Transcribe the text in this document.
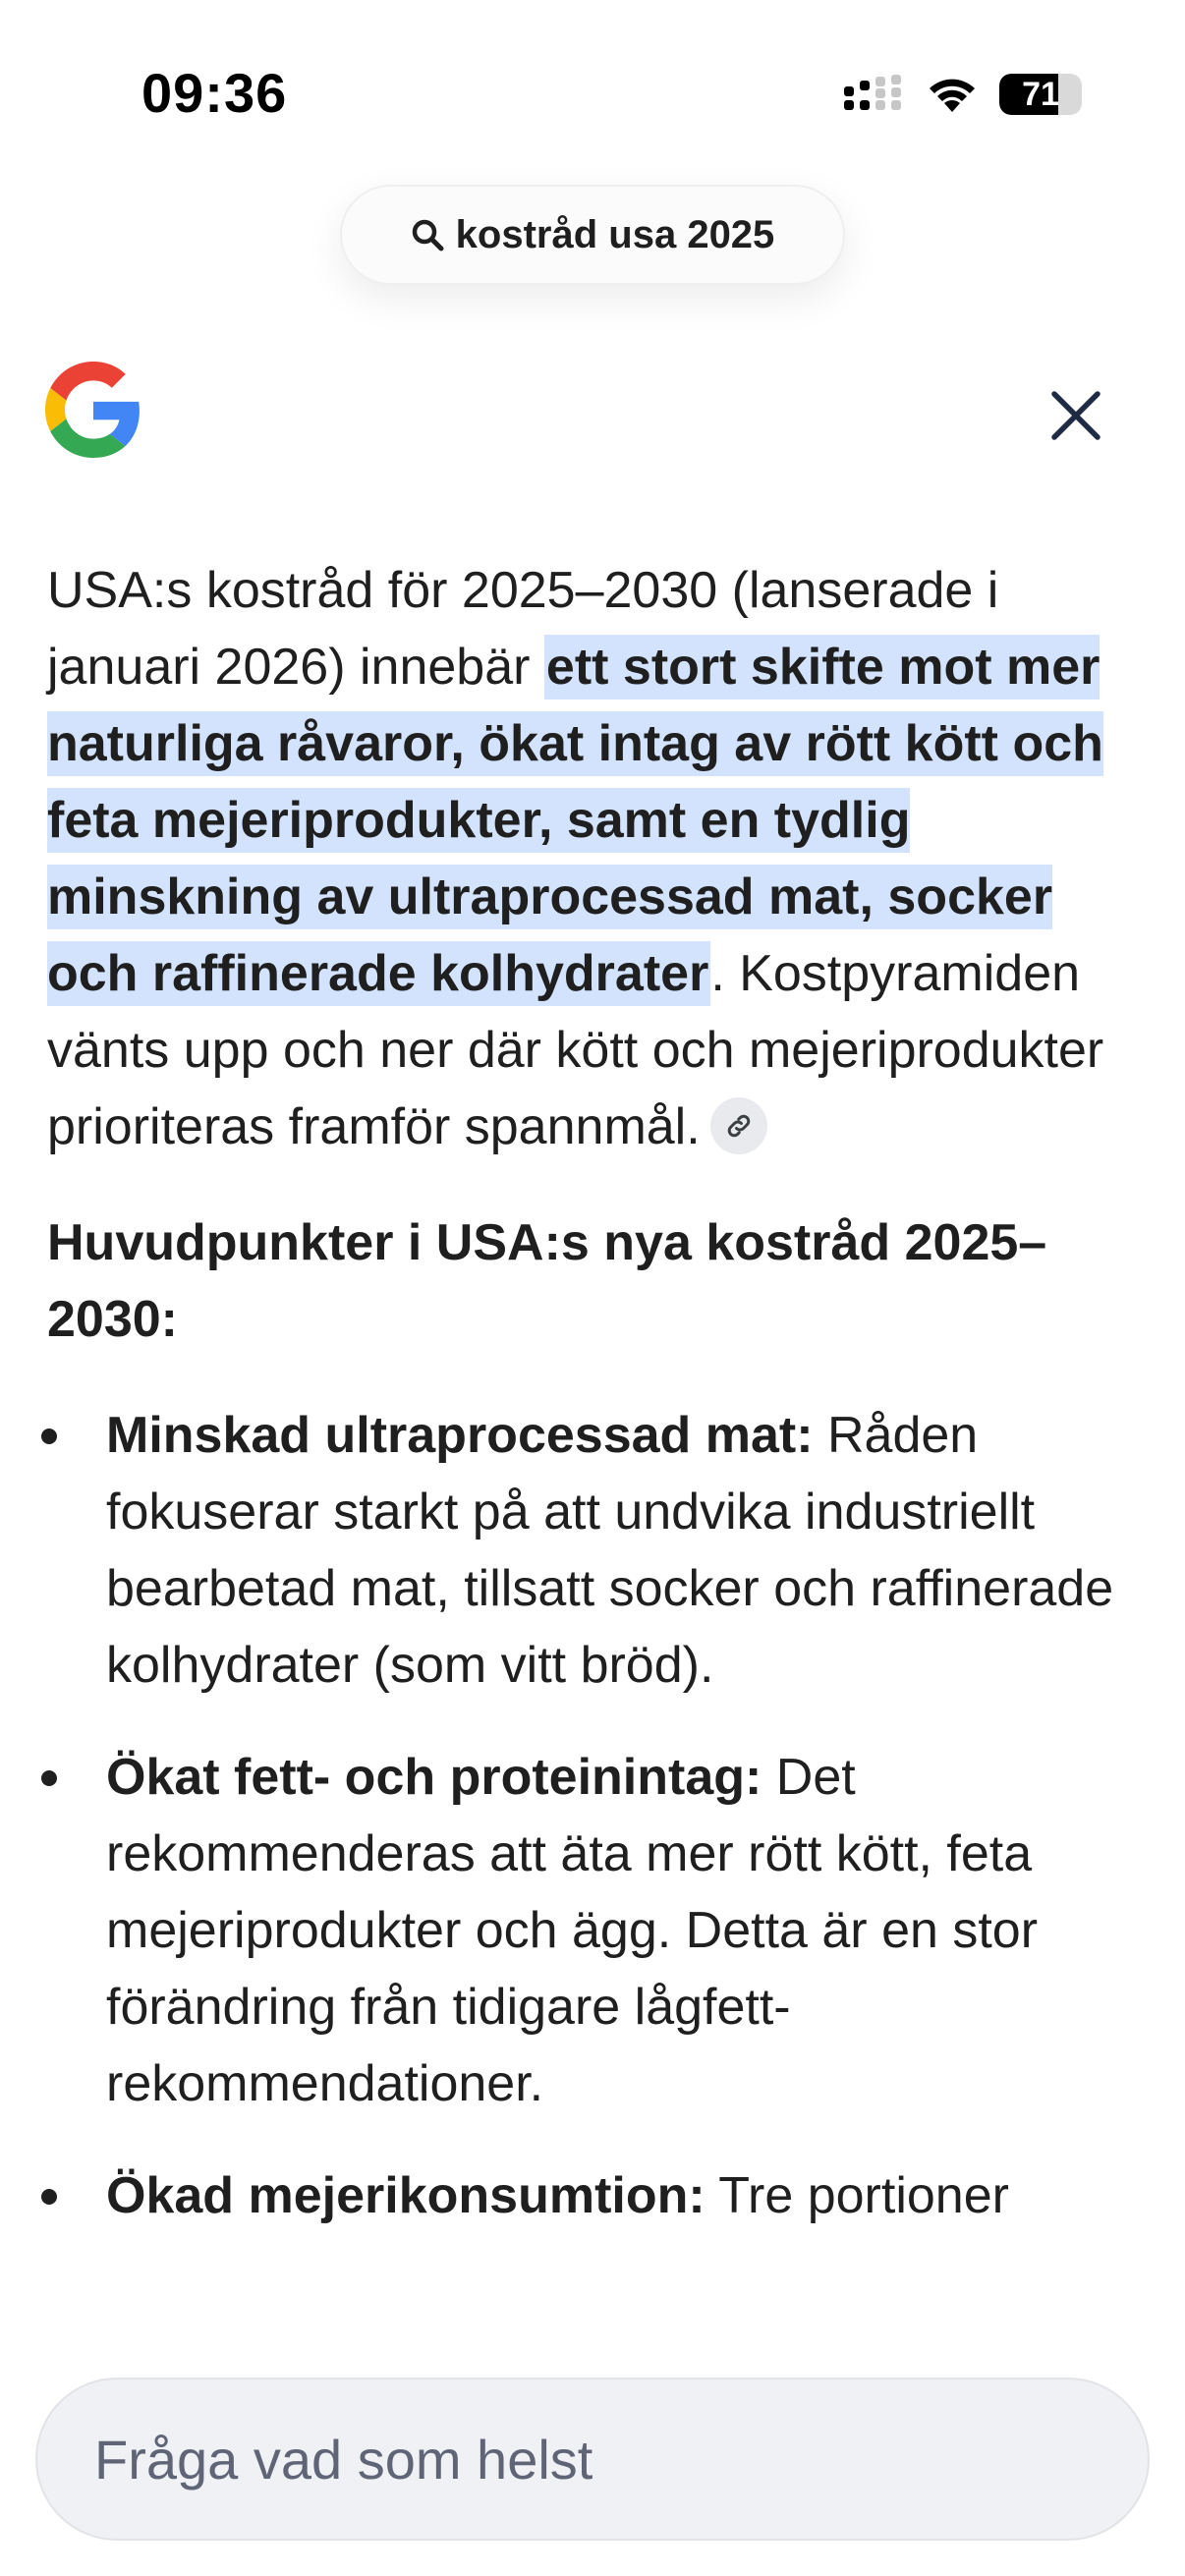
09:36	71
kostråd usa 2025

USA:s kostråd för 2025–2030 (lanserade i januari 2026) innebär ett stort skifte mot mer naturliga råvaror, ökat intag av rött kött och feta mejeriprodukter, samt en tydlig minskning av ultraprocessad mat, socker och raffinerade kolhydrater. Kostpyramiden vänts upp och ner där kött och mejeriprodukter prioriteras framför spannmål.

Huvudpunkter i USA:s nya kostråd 2025–2030:
Minskad ultraprocessad mat: Råden fokuserar starkt på att undvika industriellt bearbetad mat, tillsatt socker och raffinerade kolhydrater (som vitt bröd).
Ökat fett- och proteinintag: Det rekommenderas att äta mer rött kött, feta mejeriprodukter och ägg. Detta är en stor förändring från tidigare lågfett-rekommendationer.
Ökad mejerikonsumtion: Tre portioner
Fråga vad som helst
